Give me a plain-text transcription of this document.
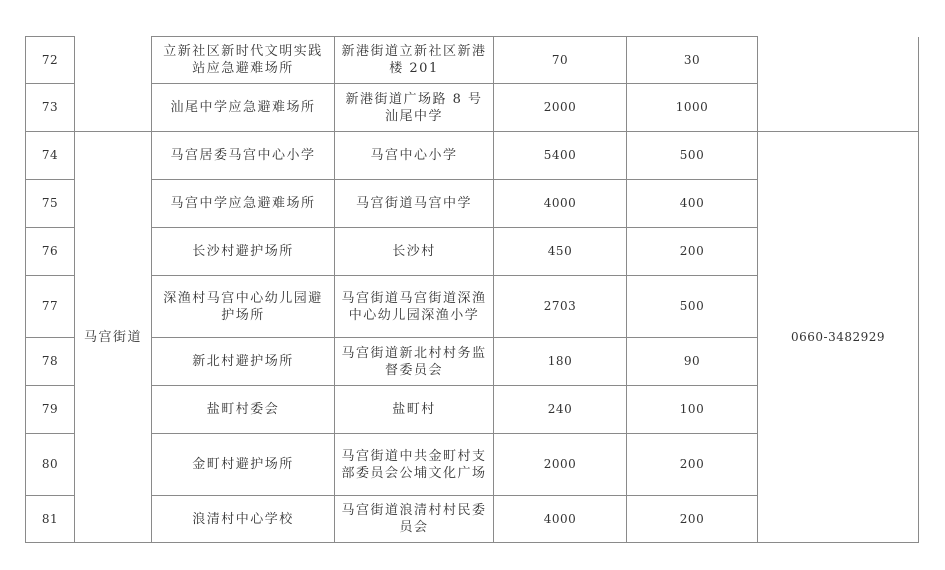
72		立新社区新时代文明实践站应急避难场所	新港街道立新社区新港楼 201	70	30	
73		汕尾中学应急避难场所	新港街道广场路 8 号汕尾中学	2000	1000	
74	马宫街道	马宫居委马宫中心小学	马宫中心小学	5400	500	0660-3482929
75		马宫中学应急避难场所	马宫街道马宫中学	4000	400	
76		长沙村避护场所	长沙村	450	200	
77		深渔村马宫中心幼儿园避护场所	马宫街道马宫街道深渔中心幼儿园深渔小学	2703	500	
78		新北村避护场所	马宫街道新北村村务监督委员会	180	90	
79		盐町村委会	盐町村	240	100	
80		金町村避护场所	马宫街道中共金町村支部委员会公埔文化广场	2000	200	
81		浪清村中心学校	马宫街道浪清村村民委员会	4000	200	
